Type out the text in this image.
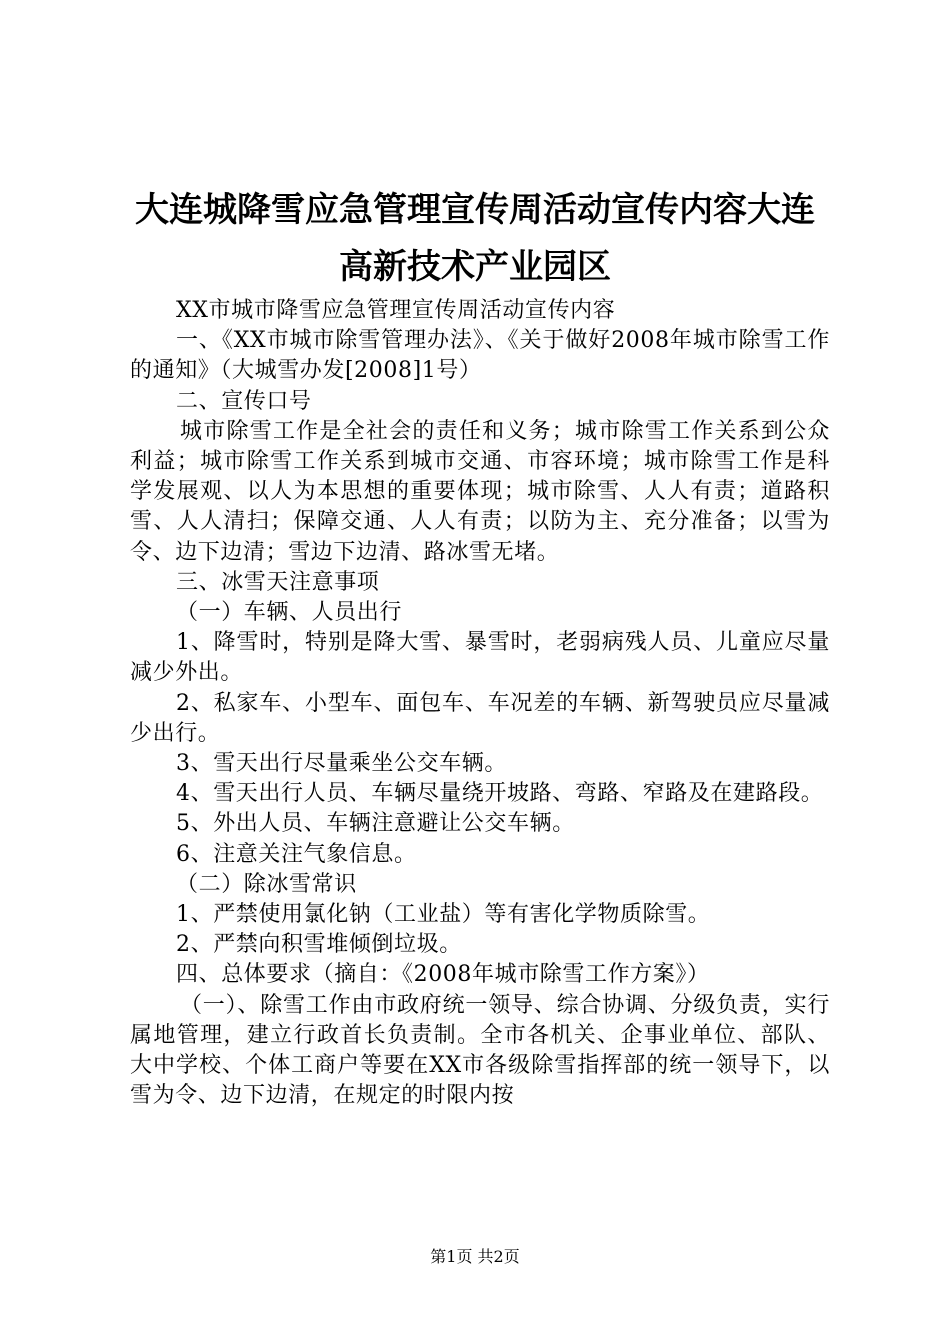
大连城降雪应急管理宣传周活动宣传内容大连
高新技术产业园区

XX市城市降雪应急管理宣传周活动宣传内容

一、《XX市城市除雪管理办法》、《关于做好2008年城市除雪工作的通知》（大城雪办发[2008]1号）

二、宣传口号

城市除雪工作是全社会的责任和义务；城市除雪工作关系到公众利益；城市除雪工作关系到城市交通、市容环境；城市除雪工作是科学发展观、以人为本思想的重要体现；城市除雪、人人有责；道路积雪、人人清扫；保障交通、人人有责；以防为主、充分准备；以雪为令、边下边清；雪边下边清、路冰雪无堵。

三、冰雪天注意事项

（一）车辆、人员出行

1、降雪时，特别是降大雪、暴雪时，老弱病残人员、儿童应尽量减少外出。

2、私家车、小型车、面包车、车况差的车辆、新驾驶员应尽量减少出行。

3、雪天出行尽量乘坐公交车辆。

4、雪天出行人员、车辆尽量绕开坡路、弯路、窄路及在建路段。

5、外出人员、车辆注意避让公交车辆。

6、注意关注气象信息。

（二）除冰雪常识

1、严禁使用氯化钠（工业盐）等有害化学物质除雪。

2、严禁向积雪堆倾倒垃圾。

四、总体要求（摘自：《2008年城市除雪工作方案》）

（一）、除雪工作由市政府统一领导、综合协调、分级负责，实行属地管理，建立行政首长负责制。全市各机关、企事业单位、部队、大中学校、个体工商户等要在XX市各级除雪指挥部的统一领导下，以雪为令、边下边清，在规定的时限内按

第1页 共2页
